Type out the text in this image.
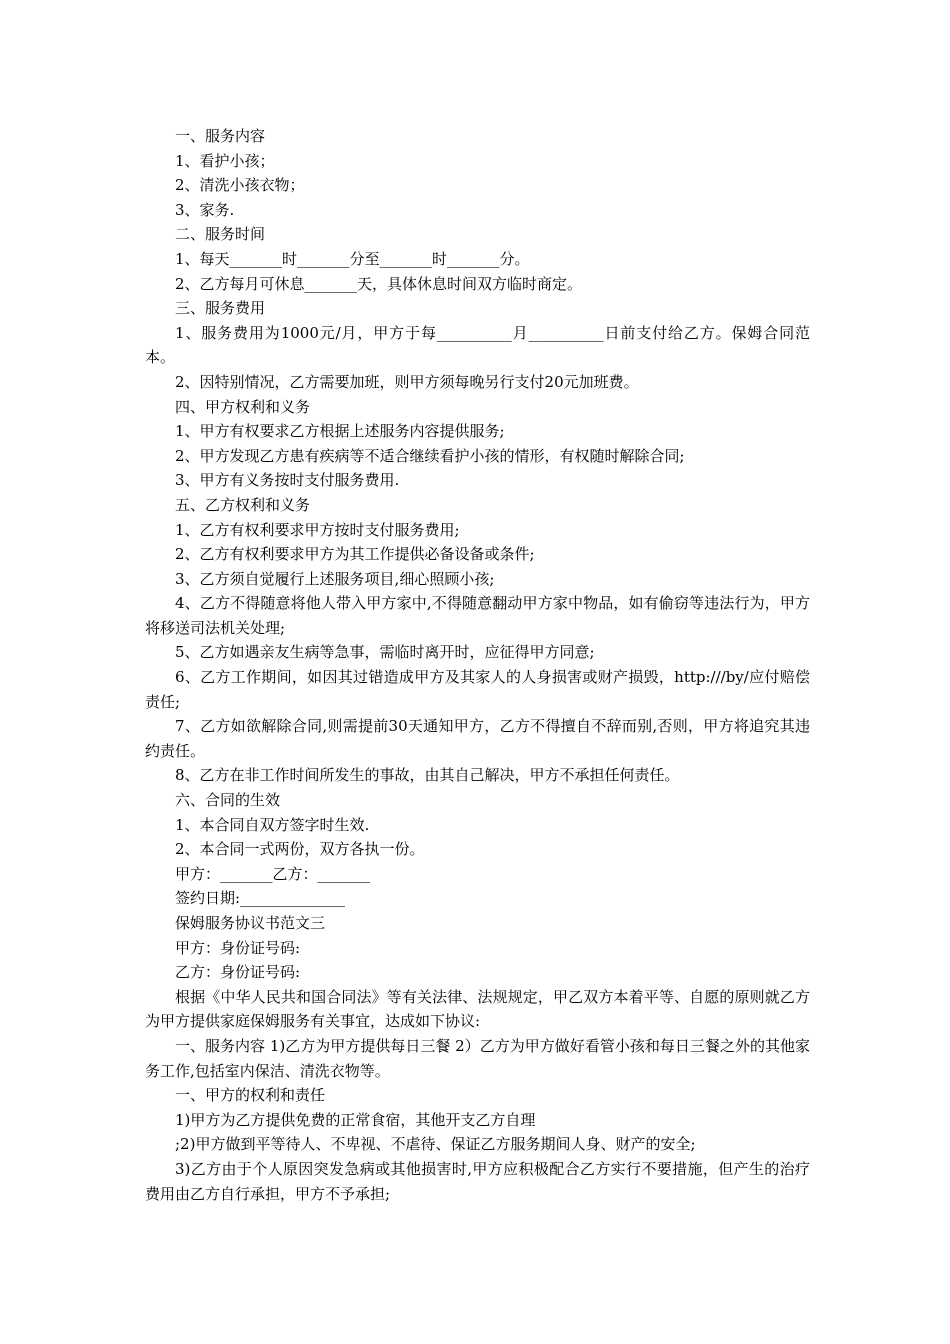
一、服务内容

1、看护小孩；

2、清洗小孩衣物；

3、家务.

二、服务时间

1、每天_______时_______分至_______时_______分。

2、乙方每月可休息_______天，具体休息时间双方临时商定。

三、服务费用

1、服务费用为1000元/月，甲方于每__________月__________日前支付给乙方。保姆合同范本。

2、因特别情况，乙方需要加班，则甲方须每晚另行支付20元加班费。

四、甲方权利和义务

1、甲方有权要求乙方根据上述服务内容提供服务;

2、甲方发现乙方患有疾病等不适合继续看护小孩的情形，有权随时解除合同;

3、甲方有义务按时支付服务费用.

五、乙方权利和义务

1、乙方有权利要求甲方按时支付服务费用;

2、乙方有权利要求甲方为其工作提供必备设备或条件;

3、乙方须自觉履行上述服务项目,细心照顾小孩;

4、乙方不得随意将他人带入甲方家中,不得随意翻动甲方家中物品，如有偷窃等违法行为，甲方将移送司法机关处理;

5、乙方如遇亲友生病等急事，需临时离开时，应征得甲方同意;

6、乙方工作期间，如因其过错造成甲方及其家人的人身损害或财产损毁，http:///by/应付赔偿责任;

7、乙方如欲解除合同,则需提前30天通知甲方，乙方不得擅自不辞而别,否则，甲方将追究其违约责任。

8、乙方在非工作时间所发生的事故，由其自己解决，甲方不承担任何责任。

六、合同的生效

1、本合同自双方签字时生效.

2、本合同一式两份，双方各执一份。

甲方：_______乙方：_______

签约日期:______________

保姆服务协议书范文三

甲方：身份证号码:

乙方：身份证号码:

根据《中华人民共和国合同法》等有关法律、法规规定，甲乙双方本着平等、自愿的原则就乙方为甲方提供家庭保姆服务有关事宜，达成如下协议:

一、服务内容 1)乙方为甲方提供每日三餐 2）乙方为甲方做好看管小孩和每日三餐之外的其他家务工作,包括室内保洁、清洗衣物等。

一、甲方的权利和责任

1)甲方为乙方提供免费的正常食宿，其他开支乙方自理

;2)甲方做到平等待人、不卑视、不虐待、保证乙方服务期间人身、财产的安全;

3)乙方由于个人原因突发急病或其他损害时,甲方应积极配合乙方实行不要措施，但产生的治疗费用由乙方自行承担，甲方不予承担;
